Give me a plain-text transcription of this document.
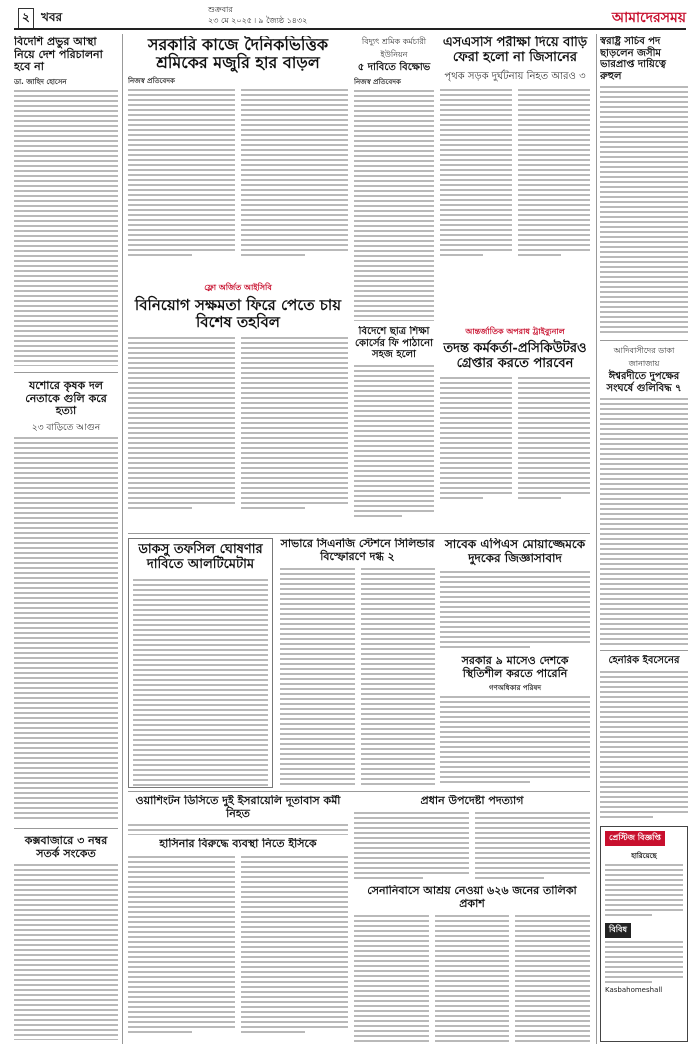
২ খবর
শুক্রবার
২৩ মে ২০২৫ ৷ ৯ জ্যৈষ্ঠ ১৪৩২	আমাদেরসময়
বিদেশি প্রভুর আস্থা নিয়ে দেশ পরিচালনা হবে না
ডা. জাহিদ হোসেন
যশোরে কৃষক দল নেতাকে গুলি করে হত্যা
২৩ বাড়িতে আগুন
কক্সবাজারে ৩ নম্বর সতর্ক সংকেত
সরকারি কাজে দৈনিকভিত্তিক শ্রমিকের মজুরি হার বাড়ল
নিজস্ব প্রতিবেদক
বিদ্যুৎ শ্রমিক কর্মচারী ইউনিয়ন
৫ দাবিতে বিক্ষোভ
নিজস্ব প্রতিবেদক
এসএসসি পরীক্ষা দিয়ে বাড়ি ফেরা হলো না জিসানের
পৃথক সড়ক দুর্ঘটনায় নিহত আরও ৩
স্বরাষ্ট্র সচিব পদ ছাড়লেন জসীম ভারপ্রাপ্ত দায়িত্বে রুহুল
ফ্লো অর্জিত আইসিবি
বিনিয়োগ সক্ষমতা ফিরে পেতে চায় বিশেষ তহবিল
বিদেশে ছাত্র শিক্ষা কোর্সের ফি পাঠানো সহজ হলো
আন্তর্জাতিক অপরাধ ট্রাইব্যুনাল
তদন্ত কর্মকর্তা-প্রসিকিউটরও গ্রেপ্তার করতে পারবেন
আদিবাসীদের ডাকা জানাজায়
ঈশ্বরদীতে দুপক্ষের সংঘর্ষে গুলিবিদ্ধ ৭
ডাকসু তফসিল ঘোষণার দাবিতে আলটিমেটাম
সাভারে সিএনজি স্টেশনে সিলিন্ডার বিস্ফোরণে দগ্ধ ২
সাবেক এপিএস মোয়াজ্জেমকে দুদকের জিজ্ঞাসাবাদ
সরকার ৯ মাসেও দেশকে স্থিতিশীল করতে পারেনি
গণঅধিকার পরিষদ
হেনরিক ইবসেনের
ওয়াশিংটন ডিসিতে দুই ইসরায়েলি দূতাবাস কর্মী নিহত
হাসিনার বিরুদ্ধে ব্যবস্থা নিতে ইসিকে
প্রধান উপদেষ্টা পদত্যাগ
সেনানিবাসে আশ্রয় নেওয়া ৬২৬ জনের তালিকা প্রকাশ
প্রেস্টিজ বিজ্ঞপ্তি
হারিয়েছে
বিবিধ
Kasbahomeshall
